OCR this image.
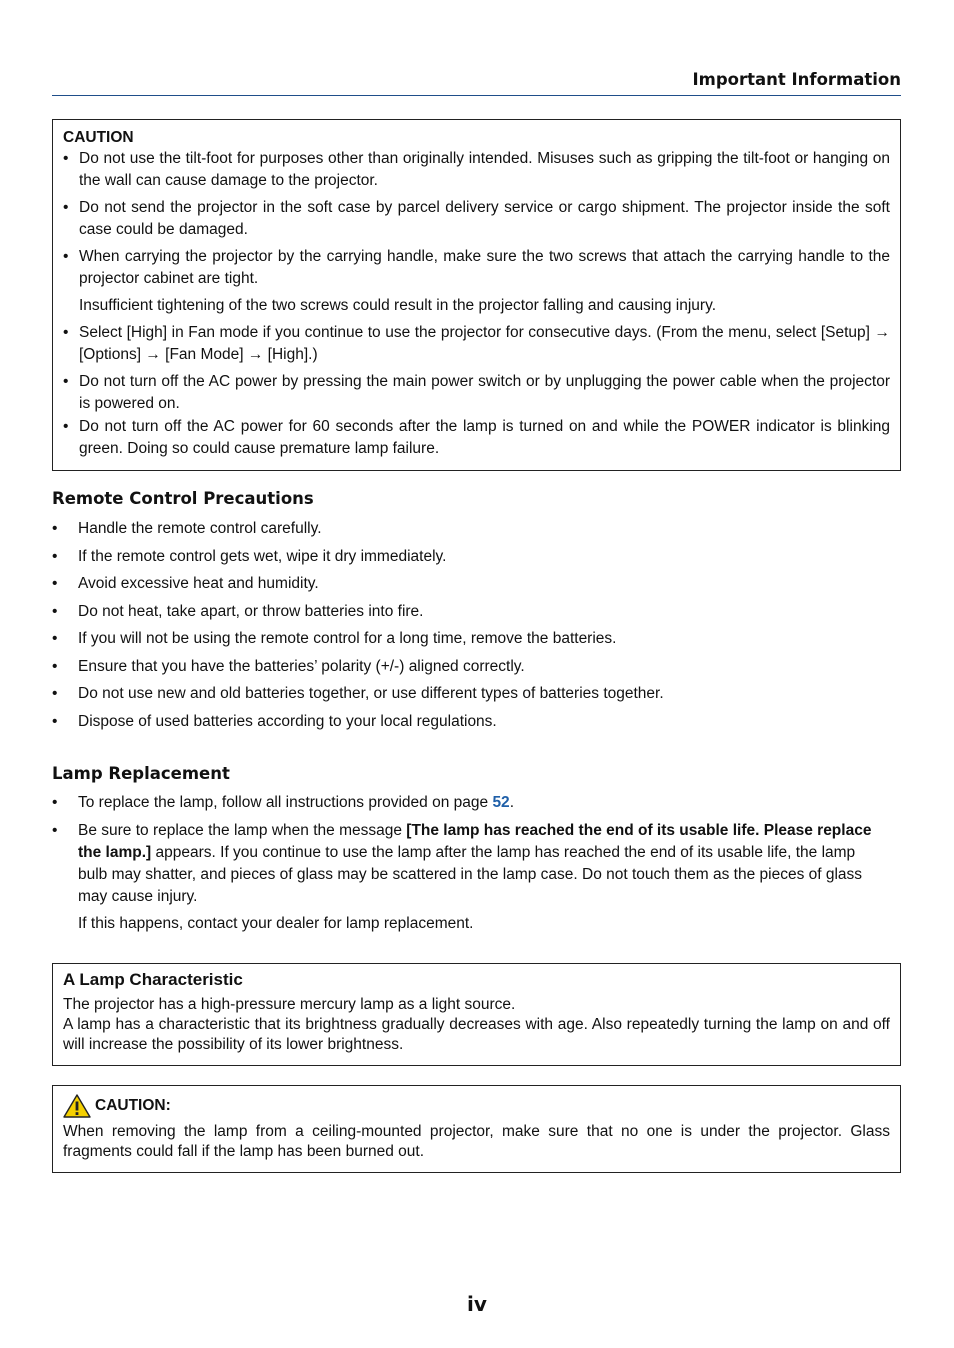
Important Information
CAUTION
• Do not use the tilt-foot for purposes other than originally intended. Misuses such as gripping the tilt-foot or hanging on the wall can cause damage to the projector.
• Do not send the projector in the soft case by parcel delivery service or cargo shipment. The projector inside the soft case could be damaged.
• When carrying the projector by the carrying handle, make sure the two screws that attach the carrying handle to the projector cabinet are tight.
Insufficient tightening of the two screws could result in the projector falling and causing injury.
• Select [High] in Fan mode if you continue to use the projector for consecutive days. (From the menu, select [Setup] → [Options] → [Fan Mode] → [High].)
• Do not turn off the AC power by pressing the main power switch or by unplugging the power cable when the projector is powered on.
• Do not turn off the AC power for 60 seconds after the lamp is turned on and while the POWER indicator is blinking green. Doing so could cause premature lamp failure.
Remote Control Precautions
• Handle the remote control carefully.
• If the remote control gets wet, wipe it dry immediately.
• Avoid excessive heat and humidity.
• Do not heat, take apart, or throw batteries into fire.
• If you will not be using the remote control for a long time, remove the batteries.
• Ensure that you have the batteries’ polarity (+/-) aligned correctly.
• Do not use new and old batteries together, or use different types of batteries together.
• Dispose of used batteries according to your local regulations.
Lamp Replacement
• To replace the lamp, follow all instructions provided on page 52.
• Be sure to replace the lamp when the message [The lamp has reached the end of its usable life. Please replace the lamp.] appears. If you continue to use the lamp after the lamp has reached the end of its usable life, the lamp bulb may shatter, and pieces of glass may be scattered in the lamp case. Do not touch them as the pieces of glass may cause injury.
If this happens, contact your dealer for lamp replacement.
A Lamp Characteristic
The projector has a high-pressure mercury lamp as a light source.
A lamp has a characteristic that its brightness gradually decreases with age. Also repeatedly turning the lamp on and off will increase the possibility of its lower brightness.
CAUTION:
When removing the lamp from a ceiling-mounted projector, make sure that no one is under the projector. Glass fragments could fall if the lamp has been burned out.
iv
